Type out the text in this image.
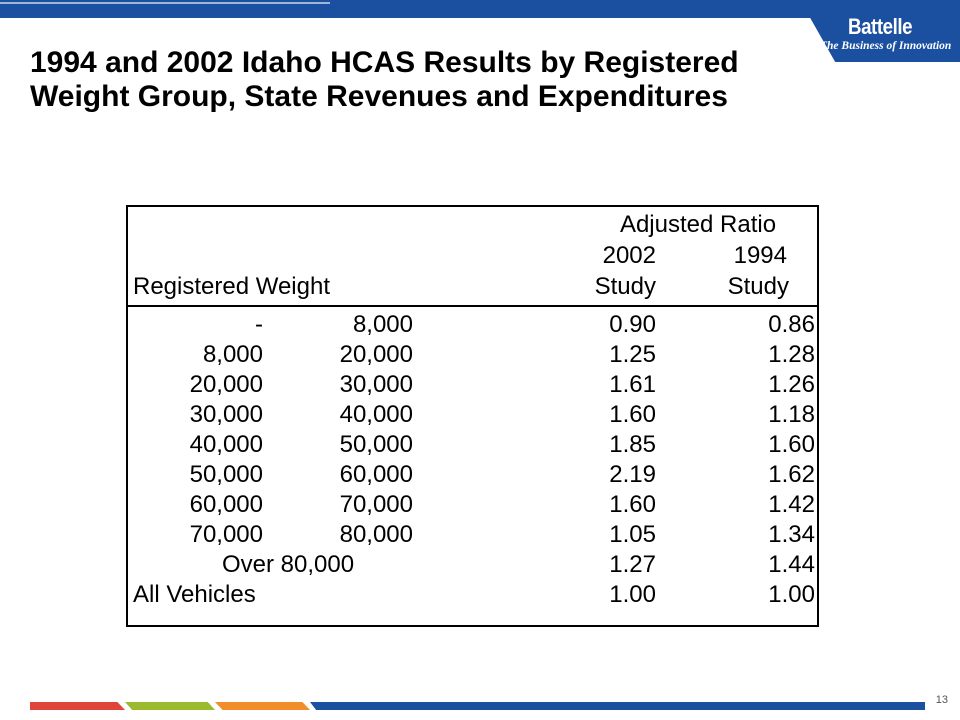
Battelle
The Business of Innovation
1994 and 2002 Idaho HCAS Results by Registered Weight Group, State Revenues and Expenditures
Adjusted Ratio
2002	1994
Registered Weight	Study	Study
-	8,000	0.90	0.86
8,000	20,000	1.25	1.28
20,000	30,000	1.61	1.26
30,000	40,000	1.60	1.18
40,000	50,000	1.85	1.60
50,000	60,000	2.19	1.62
60,000	70,000	1.60	1.42
70,000	80,000	1.05	1.34
Over 80,000	1.27	1.44
All Vehicles	1.00	1.00
13
